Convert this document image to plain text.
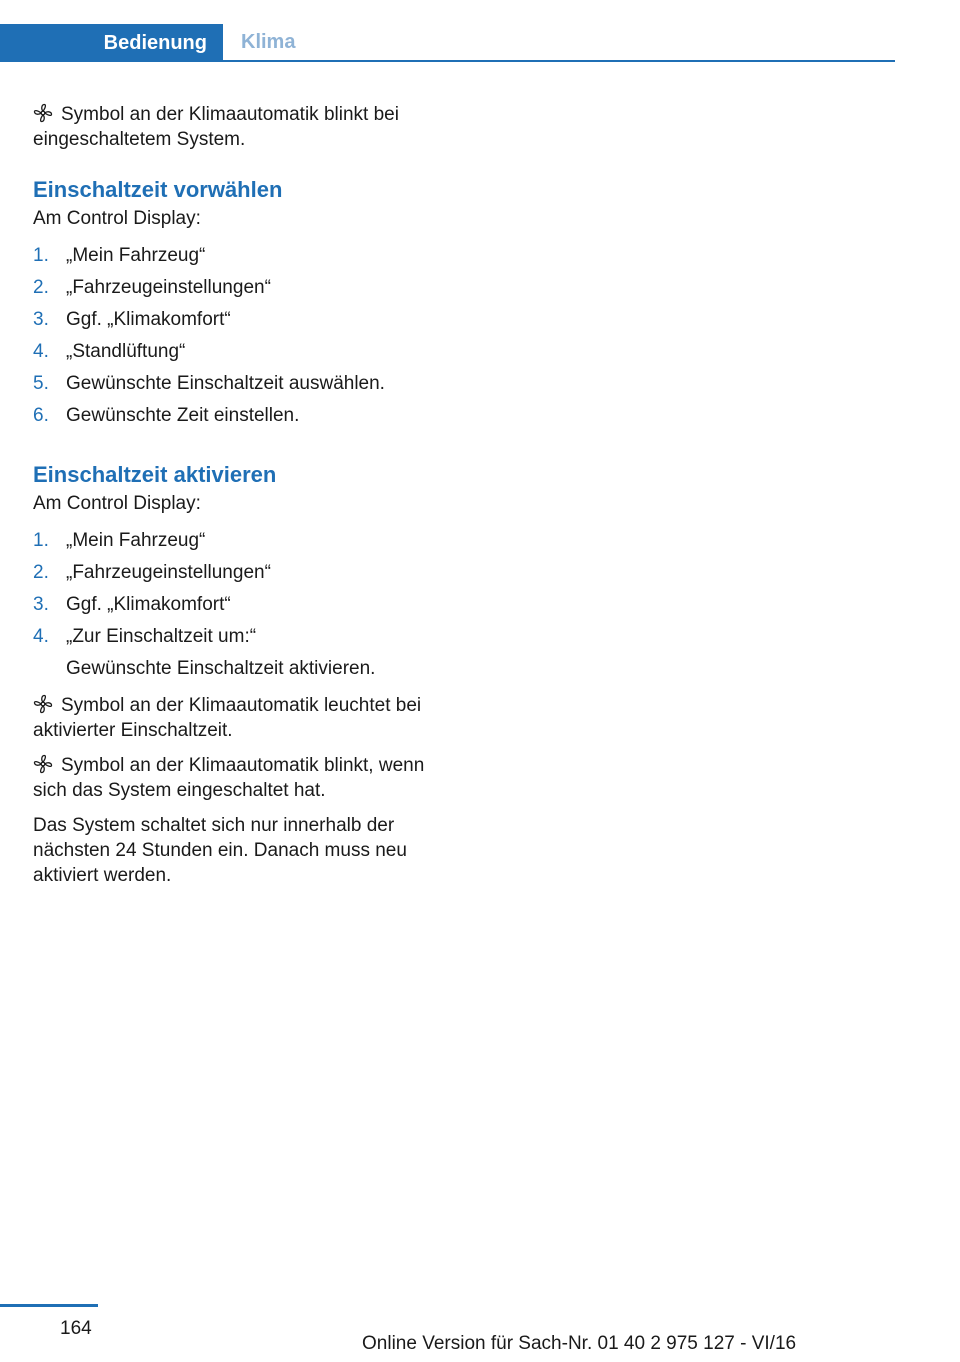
Bedienung Klima

Symbol an der Klimaautomatik blinkt bei eingeschaltetem System.

Einschaltzeit vorwählen

Am Control Display:

1. „Mein Fahrzeug“
2. „Fahrzeugeinstellungen“
3. Ggf. „Klimakomfort“
4. „Standlüftung“
5. Gewünschte Einschaltzeit auswählen.
6. Gewünschte Zeit einstellen.
Einschaltzeit aktivieren

Am Control Display:

1. „Mein Fahrzeug“
2. „Fahrzeugeinstellungen“
3. Ggf. „Klimakomfort“
4. „Zur Einschaltzeit um:“

Gewünschte Einschaltzeit aktivieren.

Symbol an der Klimaautomatik leuchtet bei aktivierter Einschaltzeit.

Symbol an der Klimaautomatik blinkt, wenn sich das System eingeschaltet hat.

Das System schaltet sich nur innerhalb der nächsten 24 Stunden ein. Danach muss neu aktiviert werden.

164
Online Version für Sach-Nr. 01 40 2 975 127 - VI/16
